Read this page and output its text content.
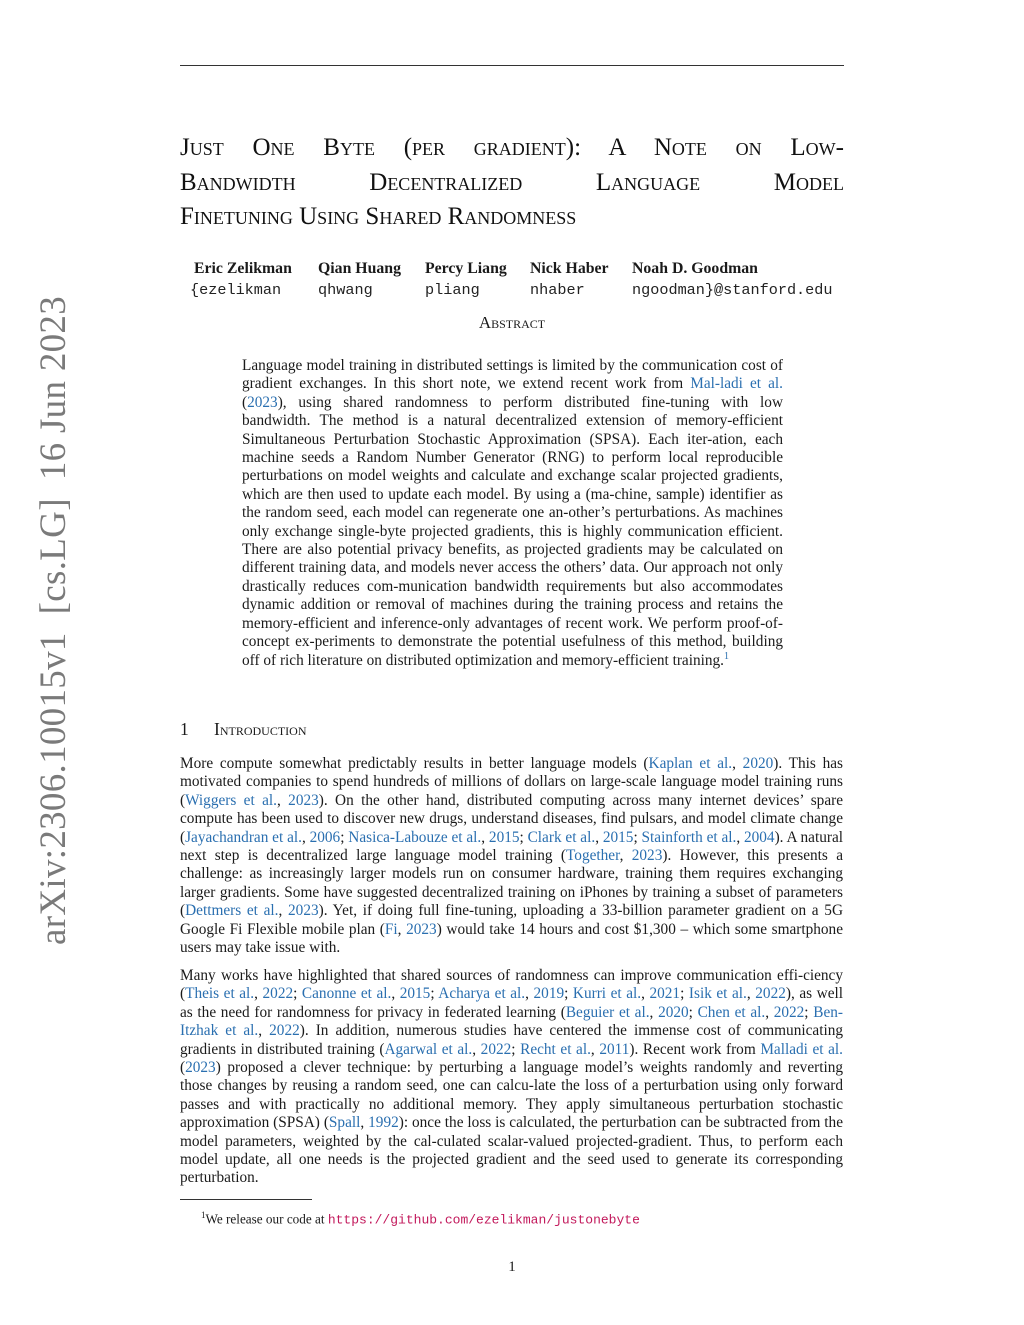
arXiv:2306.10015v1[cs.LG]16 Jun 2023
Just One Byte (per gradient): A Note on Low-
Bandwidth Decentralized Language Model
Finetuning Using Shared Randomness
Eric Zelikman
{ezelikman
Qian Huang
qhwang
Percy Liang
pliang
Nick Haber
nhaber
Noah D. Goodman
ngoodman}@stanford.edu
Abstract

Language model training in distributed settings is limited by the communication cost of gradient exchanges. In this short note, we extend recent work from Mal-ladi et al. (2023), using shared randomness to perform distributed fine-tuning with low bandwidth. The method is a natural decentralized extension of memory-efficient Simultaneous Perturbation Stochastic Approximation (SPSA). Each iter-ation, each machine seeds a Random Number Generator (RNG) to perform local reproducible perturbations on model weights and calculate and exchange scalar projected gradients, which are then used to update each model. By using a (ma-chine, sample) identifier as the random seed, each model can regenerate one an-other’s perturbations. As machines only exchange single-byte projected gradients, this is highly communication efficient. There are also potential privacy benefits, as projected gradients may be calculated on different training data, and models never access the others’ data. Our approach not only drastically reduces com-munication bandwidth requirements but also accommodates dynamic addition or removal of machines during the training process and retains the memory-efficient and inference-only advantages of recent work. We perform proof-of-concept ex-periments to demonstrate the potential usefulness of this method, building off of rich literature on distributed optimization and memory-efficient training.$^1$

1 Introduction

More compute somewhat predictably results in better language models (Kaplan et al., 2020). This has motivated companies to spend hundreds of millions of dollars on large-scale language model training runs (Wiggers et al., 2023). On the other hand, distributed computing across many internet devices’ spare compute has been used to discover new drugs, understand diseases, find pulsars, and model climate change (Jayachandran et al., 2006; Nasica-Labouze et al., 2015; Clark et al., 2015; Stainforth et al., 2004). A natural next step is decentralized large language model training (Together, 2023). However, this presents a challenge: as increasingly larger models run on consumer hardware, training them requires exchanging larger gradients. Some have suggested decentralized training on iPhones by training a subset of parameters (Dettmers et al., 2023). Yet, if doing full fine-tuning, uploading a 33-billion parameter gradient on a 5G Google Fi Flexible mobile plan (Fi, 2023) would take 14 hours and cost $1,300 – which some smartphone users may take issue with.

Many works have highlighted that shared sources of randomness can improve communication effi-ciency (Theis et al., 2022; Canonne et al., 2015; Acharya et al., 2019; Kurri et al., 2021; Isik et al., 2022), as well as the need for randomness for privacy in federated learning (Beguier et al., 2020; Chen et al., 2022; Ben-Itzhak et al., 2022). In addition, numerous studies have centered the immense cost of communicating gradients in distributed training (Agarwal et al., 2022; Recht et al., 2011). Recent work from Malladi et al. (2023) proposed a clever technique: by perturbing a language model’s weights randomly and reverting those changes by reusing a random seed, one can calcu-late the loss of a perturbation using only forward passes and with practically no additional memory. They apply simultaneous perturbation stochastic approximation (SPSA) (Spall, 1992): once the loss is calculated, the perturbation can be subtracted from the model parameters, weighted by the cal-culated scalar-valued projected-gradient. Thus, to perform each model update, all one needs is the projected gradient and the seed used to generate its corresponding perturbation.

$^1$We release our code at https://github.com/ezelikman/justonebyte

1
